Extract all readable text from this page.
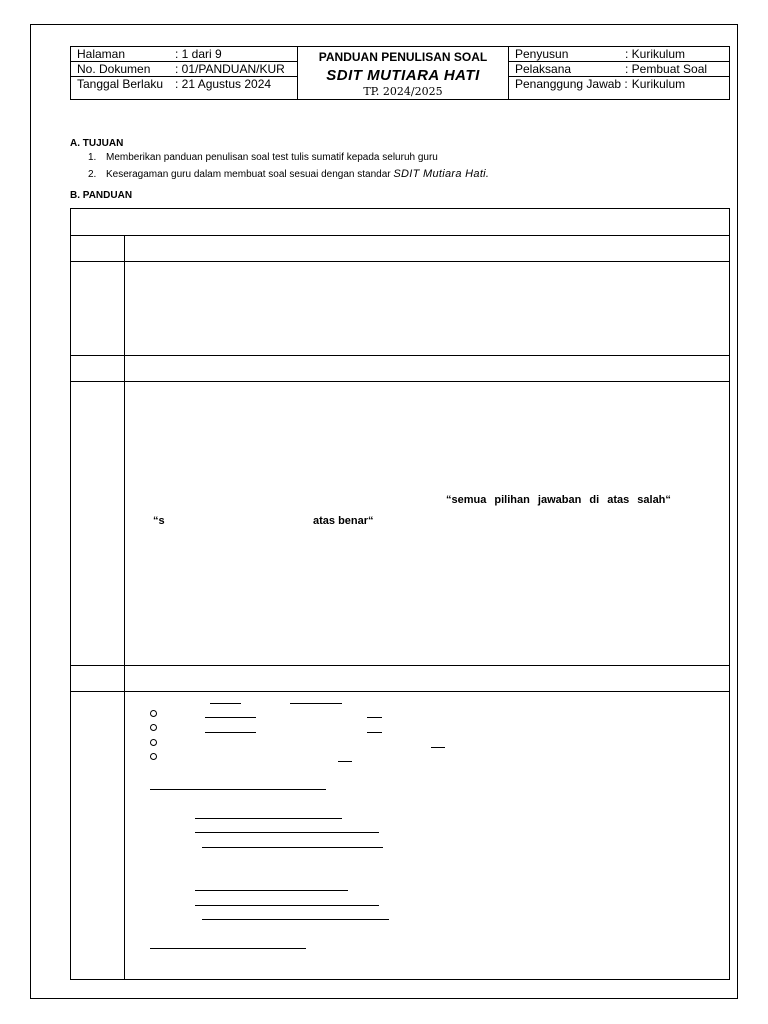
Halaman	: 1 dari 9
No. Dokumen : 01/PANDUAN/KUR
Tanggal Berlaku : 21 Agustus 2024
PANDUAN PENULISAN SOAL
SDIT MUTIARA HATI
TP. 2024/2025
Penyusun	: Kurikulum
Pelaksana	: Pembuat Soal
Penanggung Jawab : Kurikulum
A. TUJUAN
1. Memberikan panduan penulisan soal test tulis sumatif kepada seluruh guru
2. Keseragaman guru dalam membuat soal sesuai dengan standar SDIT Mutiara Hati.
B. PANDUAN
“semua pilihan jawaban di atas salah“
“s	atas benar“
